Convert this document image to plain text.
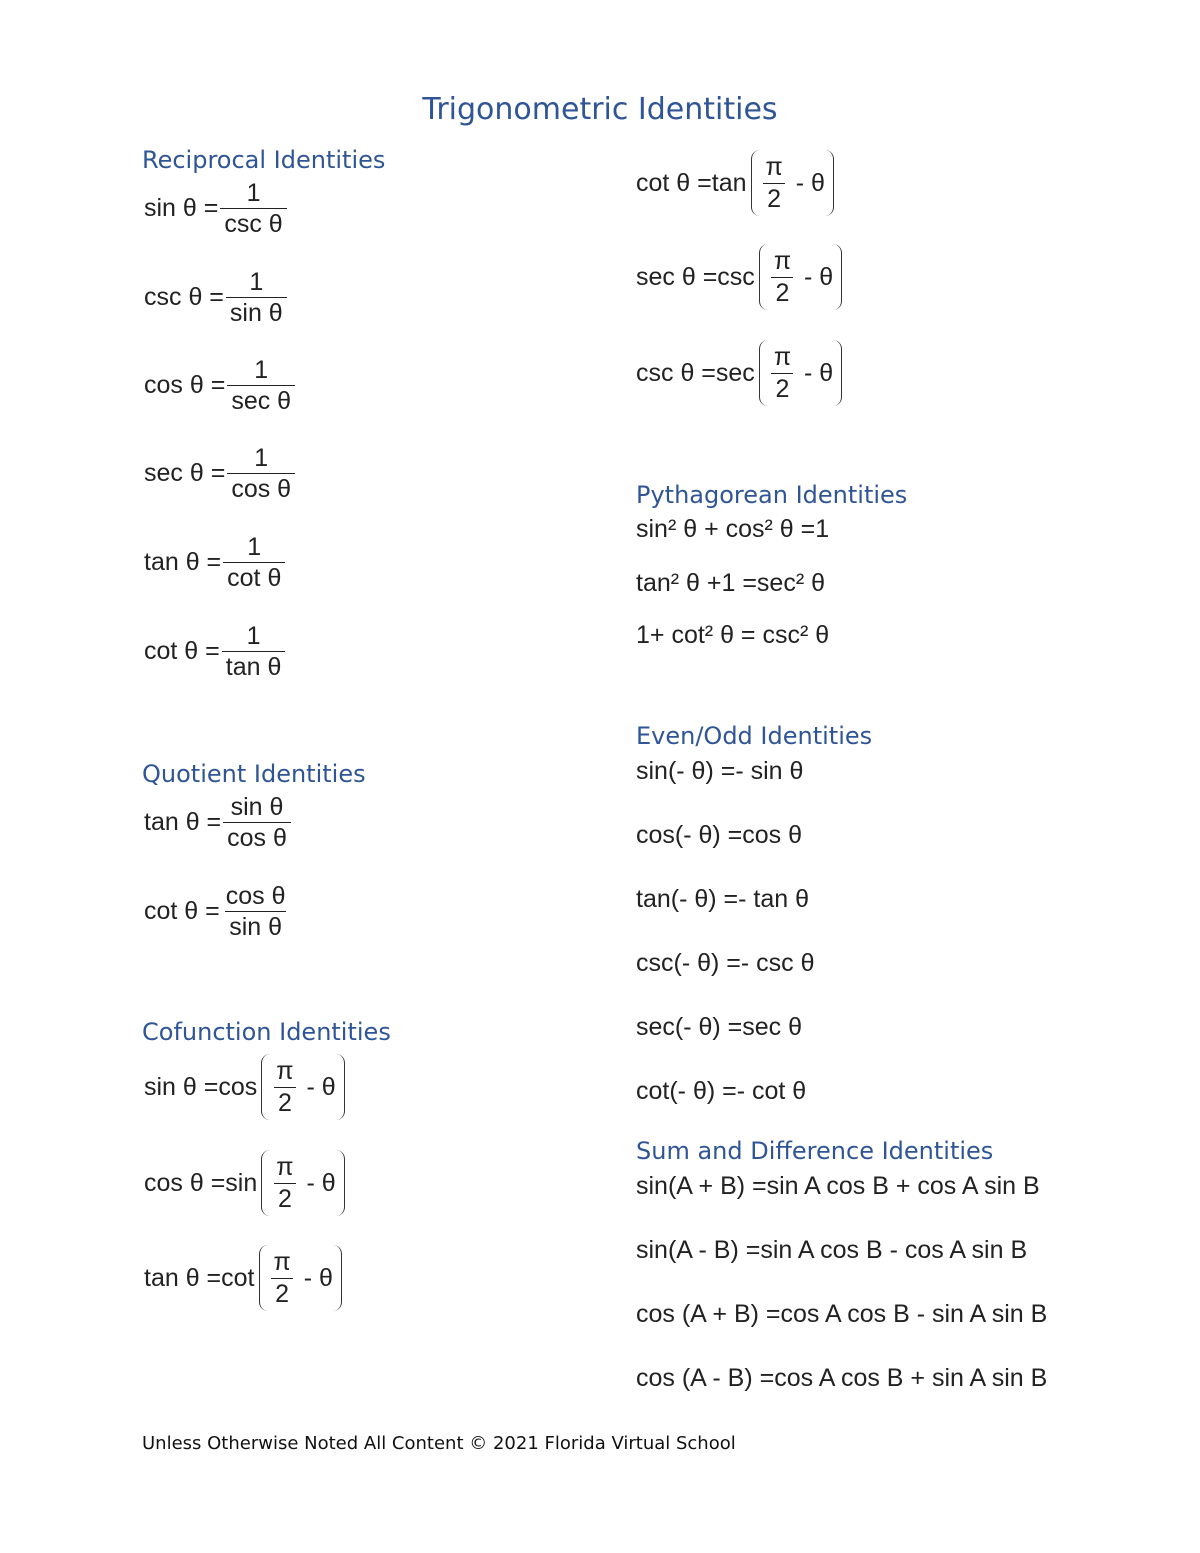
Trigonometric Identities
Reciprocal Identities
$\sin \theta = \frac{1}{\text{csc θ}}$
$\csc \theta = \frac{1}{\text{sin θ}}$
$\cos \theta = \frac{1}{\text{sec θ}}$
$\sec \theta = \frac{1}{\text{cos θ}}$
$\tan \theta = \frac{1}{\text{cot θ}}$
$\cot \theta = \frac{1}{\text{tan θ}}$
Quotient Identities
$\tan \theta = \frac{\text{sin θ}}{\text{cos θ}}$
$\cot \theta = \frac{\text{cos θ}}{\text{sin θ}}$
Cofunction Identities
$\sin \theta =\cos \frac{\pi}{2}$
- θ
$\cos \theta =\sin \frac{\pi}{2}$
- θ
$\tan \theta =\cot \frac{\pi}{2}$
- θ
$\cot \theta =\tan \frac{\pi}{2}$
- θ
$\sec \theta =\csc \frac{\pi}{2}$
- θ
$\csc \theta =\sec \frac{\pi}{2}$
- θ
Pythagorean Identities
sin² θ + cos² θ =1
tan² θ +1 =sec² θ
1+ cot² θ = csc² θ
Even/Odd Identities
sin(- θ) =- sin θ
cos(- θ) =cos θ
tan(- θ) =- tan θ
csc(- θ) =- csc θ
sec(- θ) =sec θ
cot(- θ) =- cot θ
Sum and Difference Identities
sin(A + B) =sin A cos B + cos A sin B
sin(A - B) =sin A cos B - cos A sin B
cos (A + B) =cos A cos B - sin A sin B
cos (A - B) =cos A cos B + sin A sin B
Unless Otherwise Noted All Content © 2021 Florida Virtual School
